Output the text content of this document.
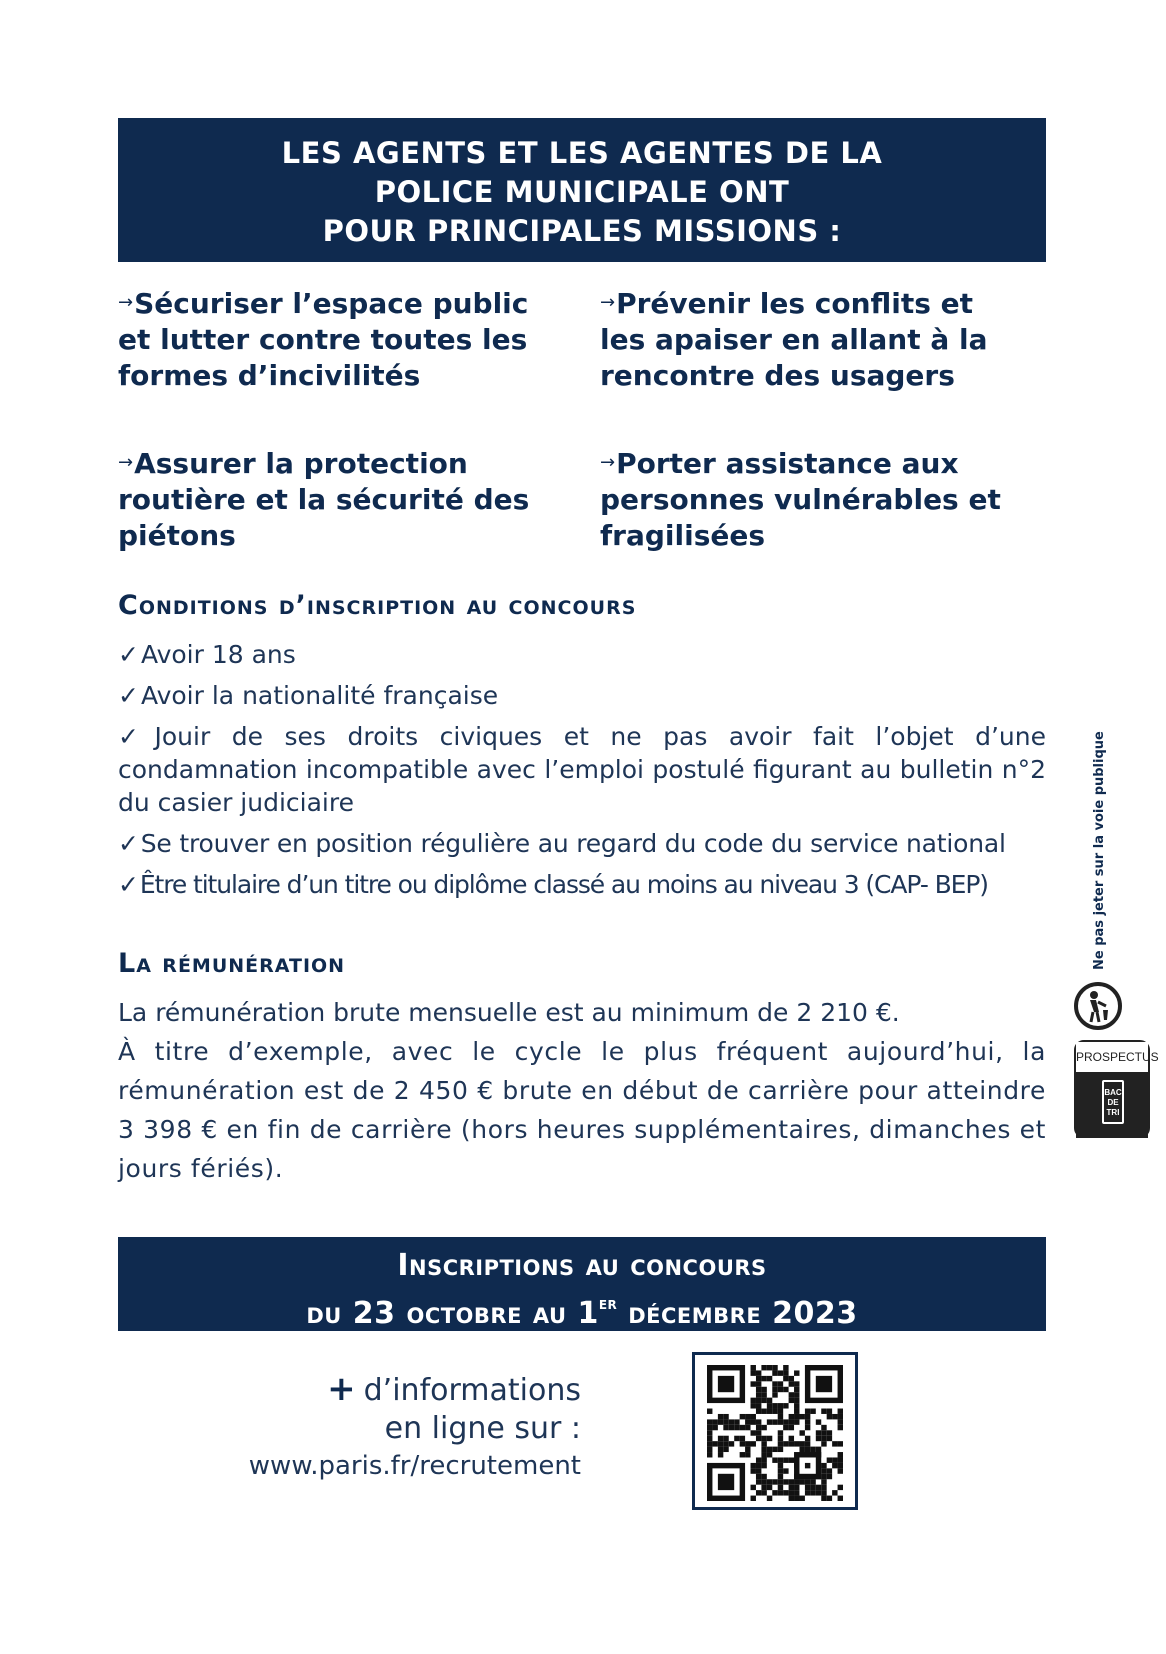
LES AGENTS ET LES AGENTES DE LA
POLICE MUNICIPALE ONT
POUR PRINCIPALES MISSIONS :
→Sécuriser l’espace public
et lutter contre toutes les
formes d’incivilités
→Prévenir les conflits et
les apaiser en allant à la
rencontre des usagers
→Assurer la protection
routière et la sécurité des
piétons
→Porter assistance aux
personnes vulnérables et
fragilisées
Conditions d’inscription au concours
✓Avoir 18 ans
✓Avoir la nationalité française
✓Jouir de ses droits civiques et ne pas avoir fait l’objet d’une condamnation incompatible avec l’emploi postulé figurant au bulletin n°2 du casier judiciaire
✓Se trouver en position régulière au regard du code du service national
✓Être titulaire d’un titre ou diplôme classé au moins au niveau 3 (CAP- BEP)
La rémunération

La rémunération brute mensuelle est au minimum de 2 210 €.

À titre d’exemple, avec le cycle le plus fréquent aujourd’hui, la rémunération est de 2 450 € brute en début de carrière pour atteindre 3 398 € en fin de carrière (hors heures supplémentaires, dimanches et jours fériés).

Inscriptions au concours
du 23 octobre au 1er décembre 2023
+ d’informations
en ligne sur :
www.paris.fr/recrutement
Ne pas jeter sur la voie publique
PROSPECTUS
BAC
DE
TRI
